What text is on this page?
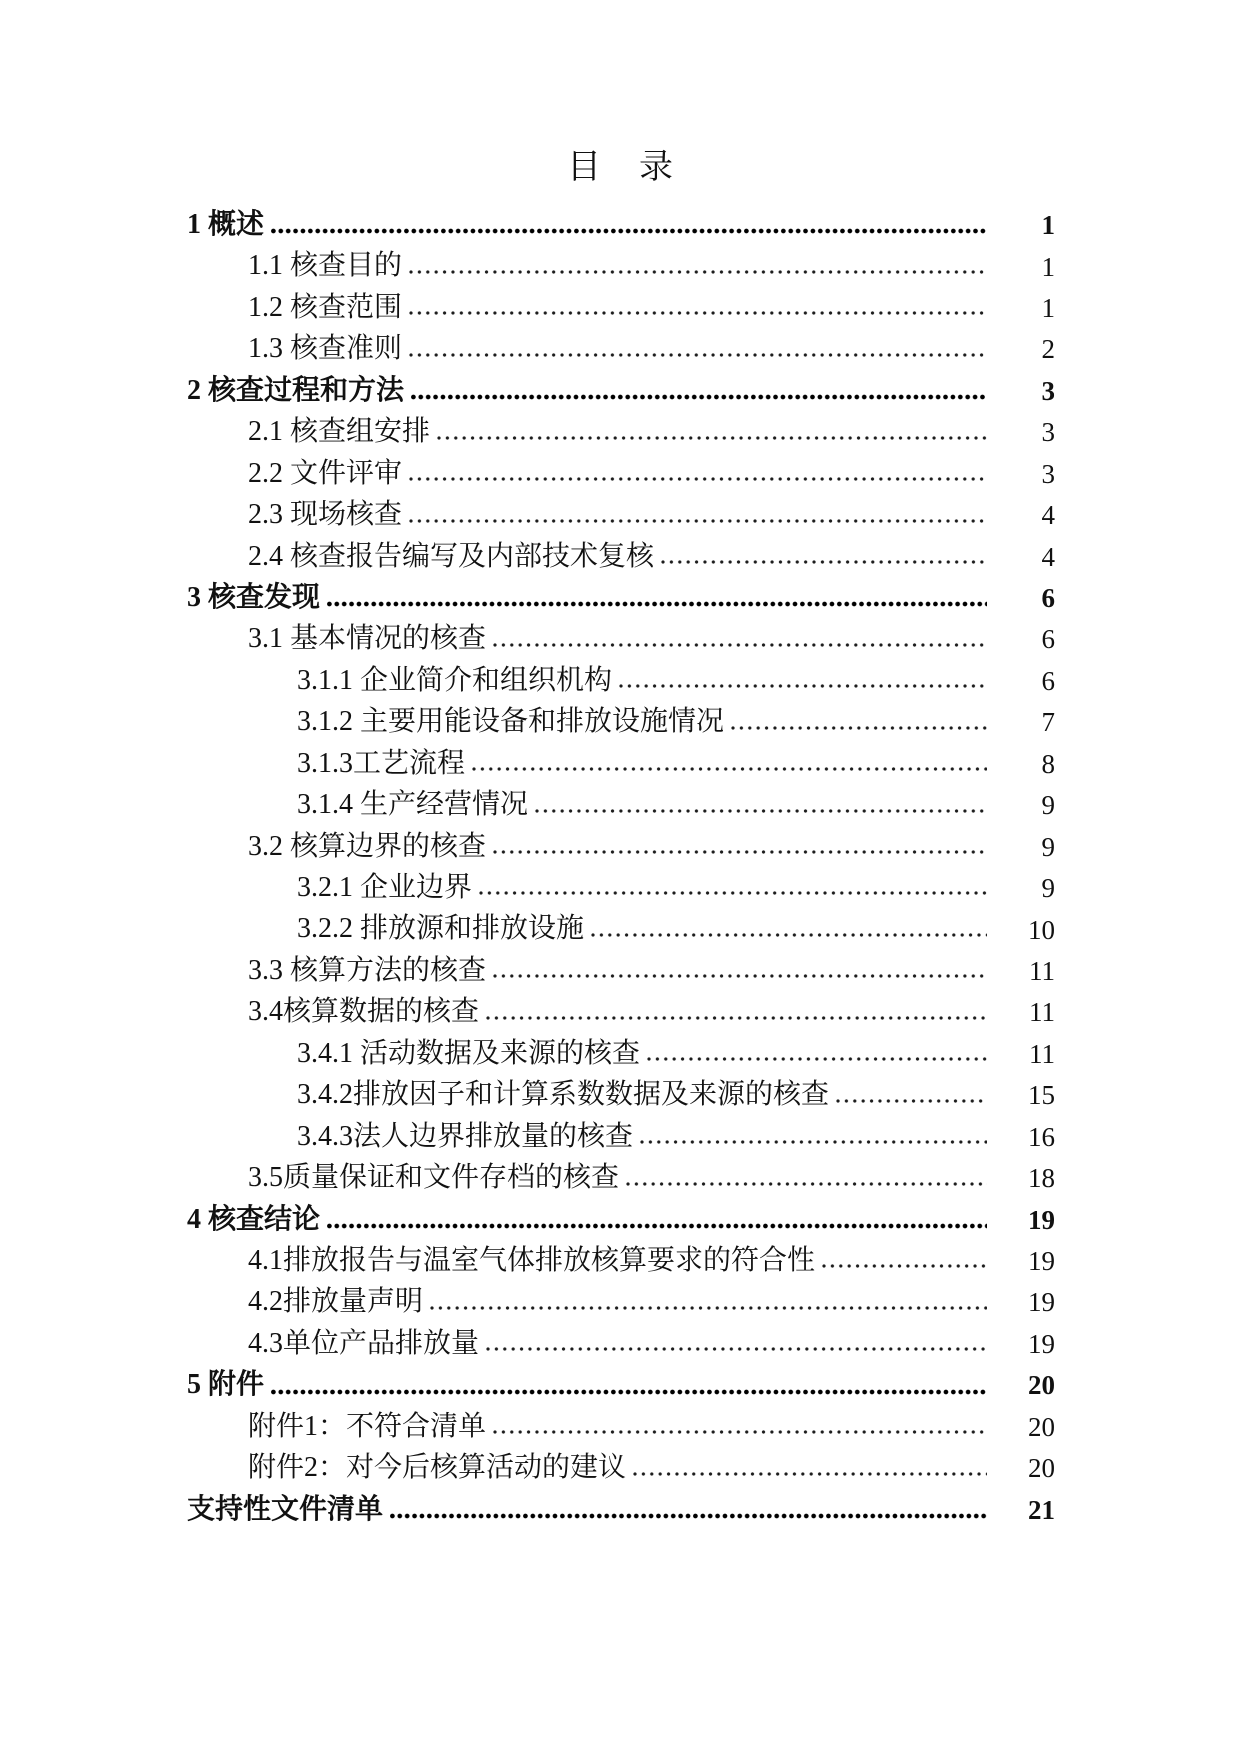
目　录
1 概述	1
1.1 核查目的	1
1.2 核查范围	1
1.3 核查准则	2
2 核查过程和方法	3
2.1 核查组安排	3
2.2 文件评审	3
2.3 现场核查	4
2.4 核查报告编写及内部技术复核	4
3 核查发现	6
3.1 基本情况的核查	6
3.1.1 企业简介和组织机构	6
3.1.2 主要用能设备和排放设施情况	7
3.1.3工艺流程	8
3.1.4 生产经营情况	9
3.2 核算边界的核查	9
3.2.1 企业边界	9
3.2.2 排放源和排放设施	10
3.3 核算方法的核查	11
3.4核算数据的核查	11
3.4.1 活动数据及来源的核查	11
3.4.2排放因子和计算系数数据及来源的核查	15
3.4.3法人边界排放量的核查	16
3.5质量保证和文件存档的核查	18
4 核查结论	19
4.1排放报告与温室气体排放核算要求的符合性	19
4.2排放量声明	19
4.3单位产品排放量	19
5 附件	20
附件1：不符合清单	20
附件2：对今后核算活动的建议	20
支持性文件清单	21
